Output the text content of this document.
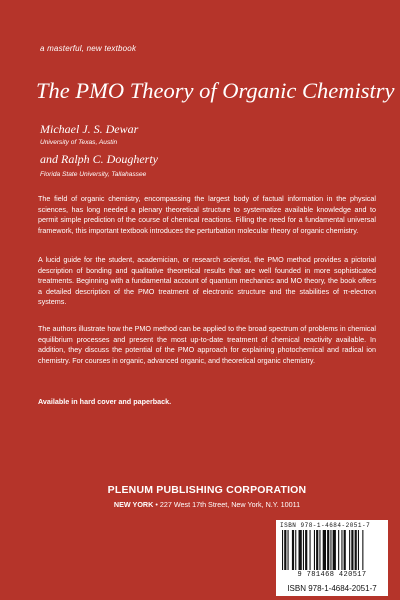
a masterful, new textbook
The PMO Theory of Organic Chemistry
Michael J. S. Dewar
University of Texas, Austin
and Ralph C. Dougherty
Florida State University, Tallahassee

The field of organic chemistry, encompassing the largest body of factual information in the physical sciences, has long needed a plenary theoretical structure to systematize available knowledge and to permit simple prediction of the course of chemical reactions. Filling the need for a fundamental universal framework, this important textbook introduces the perturbation molecular theory of organic chemistry.

A lucid guide for the student, academician, or research scientist, the PMO method provides a pictorial description of bonding and qualitative theoretical results that are well founded in more sophisticated treatments. Beginning with a fundamental account of quantum mechanics and MO theory, the book offers a detailed description of the PMO treatment of electronic structure and the stabilities of π-electron systems.

The authors illustrate how the PMO method can be applied to the broad spectrum of problems in chemical equilibrium processes and present the most up-to-date treatment of chemical reactivity available. In addition, they discuss the potential of the PMO approach for explaining photochemical and radical ion chemistry. For courses in organic, advanced organic, and theoretical organic chemistry.

Available in hard cover and paperback.
PLENUM PUBLISHING CORPORATION
NEW YORK • 227 West 17th Street, New York, N.Y. 10011
ISBN 978-1-4684-2051-7
9 781468 420517
ISBN 978-1-4684-2051-7
